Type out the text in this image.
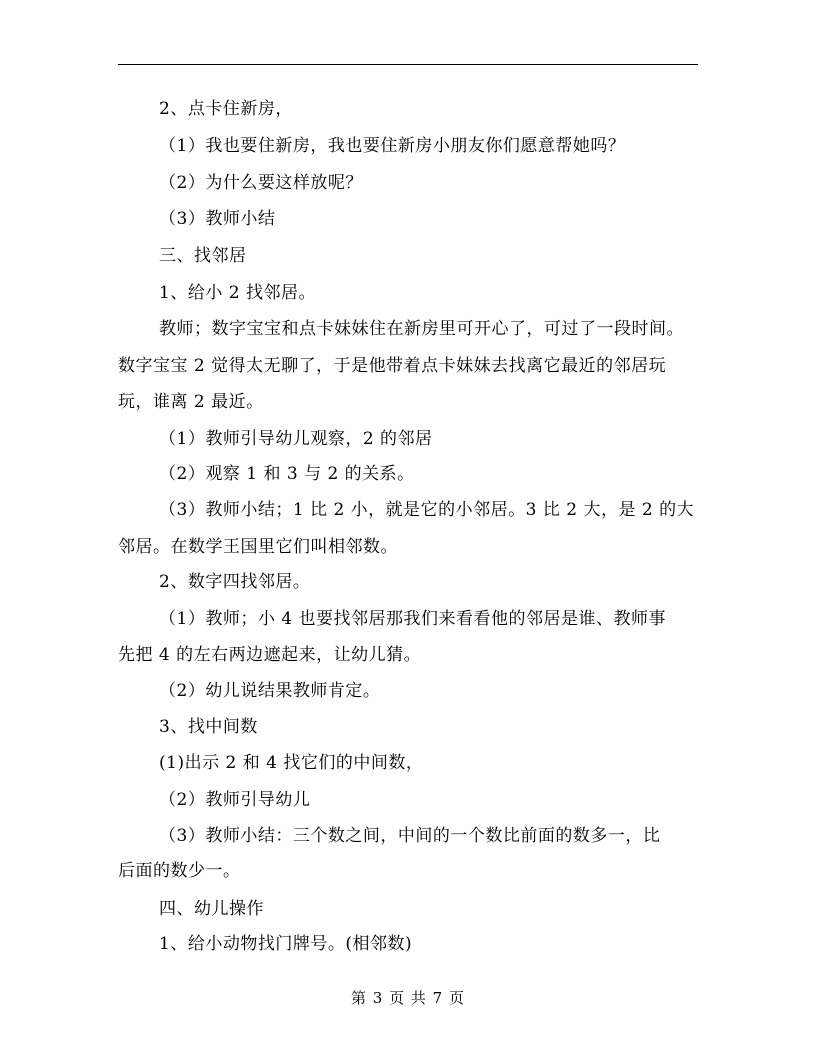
2、点卡住新房，
（1）我也要住新房，我也要住新房小朋友你们愿意帮她吗？
（2）为什么要这样放呢？
（3）教师小结
三、找邻居
1、给小 2 找邻居。
教师；数字宝宝和点卡妹妹住在新房里可开心了，可过了一段时间。
数字宝宝 2 觉得太无聊了，于是他带着点卡妹妹去找离它最近的邻居玩
玩，谁离 2 最近。
（1）教师引导幼儿观察，2 的邻居
（2）观察 1 和 3 与 2 的关系。
（3）教师小结；1 比 2 小，就是它的小邻居。3 比 2 大，是 2 的大
邻居。在数学王国里它们叫相邻数。
2、数字四找邻居。
（1）教师；小 4 也要找邻居那我们来看看他的邻居是谁、教师事
先把 4 的左右两边遮起来，让幼儿猜。
（2）幼儿说结果教师肯定。
3、找中间数
(1)出示 2 和 4 找它们的中间数，
（2）教师引导幼儿
（3）教师小结：三个数之间，中间的一个数比前面的数多一，比
后面的数少一。
四、幼儿操作
1、给小动物找门牌号。(相邻数)
第 3 页 共 7 页
